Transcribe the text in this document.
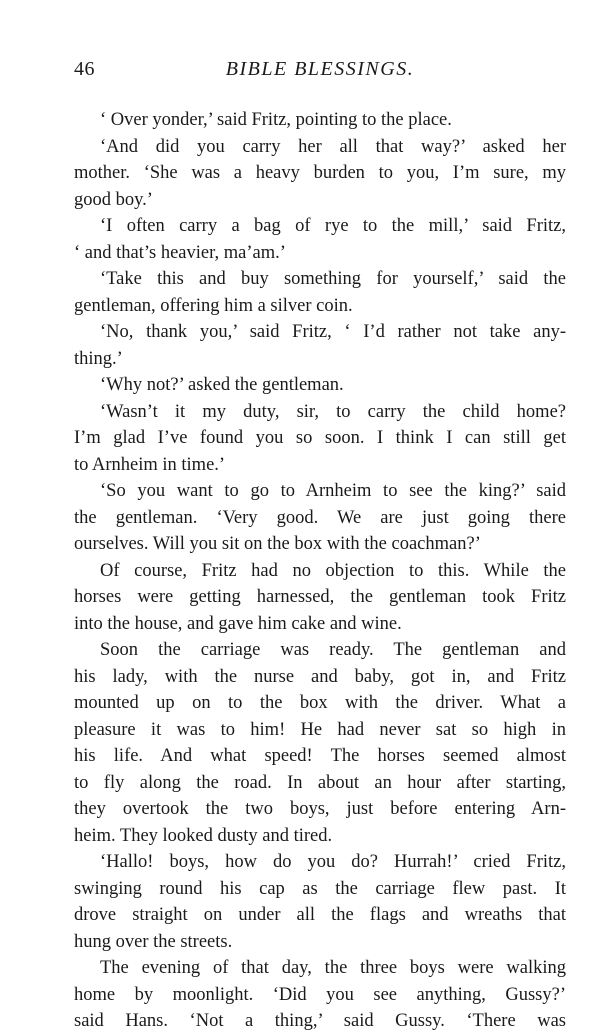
46	BIBLE BLESSINGS.
‘ Over yonder,’ said Fritz, pointing to the place.
‘And did you carry her all that way?’ asked her
mother. ‘She was a heavy burden to you, I’m sure, my
good boy.’
‘I often carry a bag of rye to the mill,’ said Fritz,
‘ and that’s heavier, ma’am.’
‘Take this and buy something for yourself,’ said the
gentleman, offering him a silver coin.
‘No, thank you,’ said Fritz, ‘ I’d rather not take any-
thing.’
‘Why not?’ asked the gentleman.
‘Wasn’t it my duty, sir, to carry the child home?
I’m glad I’ve found you so soon. I think I can still get
to Arnheim in time.’
‘So you want to go to Arnheim to see the king?’ said
the gentleman. ‘Very good. We are just going there
ourselves. Will you sit on the box with the coachman?’
Of course, Fritz had no objection to this. While the
horses were getting harnessed, the gentleman took Fritz
into the house, and gave him cake and wine.
Soon the carriage was ready. The gentleman and
his lady, with the nurse and baby, got in, and Fritz
mounted up on to the box with the driver. What a
pleasure it was to him! He had never sat so high in
his life. And what speed! The horses seemed almost
to fly along the road. In about an hour after starting,
they overtook the two boys, just before entering Arn-
heim. They looked dusty and tired.
‘Hallo! boys, how do you do? Hurrah!’ cried Fritz,
swinging round his cap as the carriage flew past. It
drove straight on under all the flags and wreaths that
hung over the streets.
The evening of that day, the three boys were walking
home by moonlight. ‘Did you see anything, Gussy?’
said Hans. ‘Not a thing,’ said Gussy. ‘There was
